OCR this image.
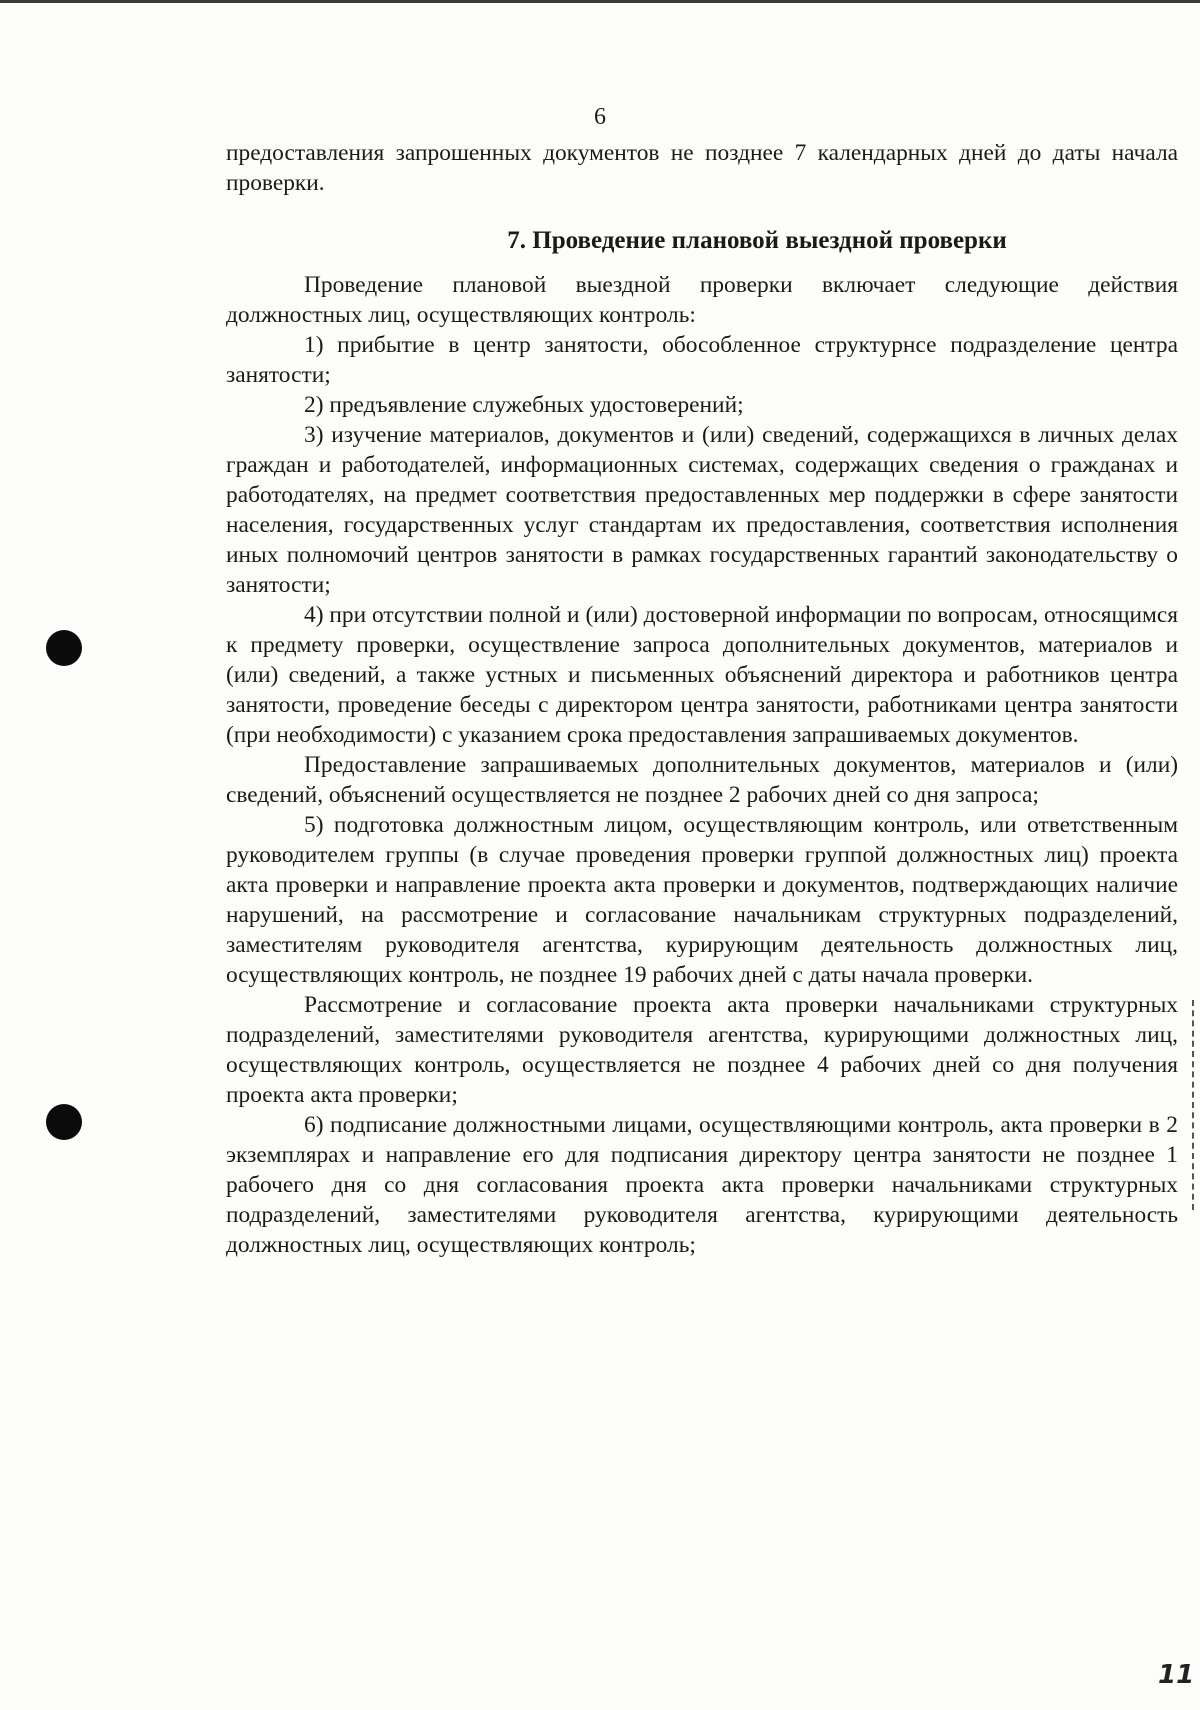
6

предоставления запрошенных документов не позднее 7 календарных дней до даты начала проверки.

7. Проведение плановой выездной проверки

Проведение плановой выездной проверки включает следующие действия должностных лиц, осуществляющих контроль:

1) прибытие в центр занятости, обособленное структурнсе подразделение центра занятости;

2) предъявление служебных удостоверений;

3) изучение материалов, документов и (или) сведений, содержащихся в личных делах граждан и работодателей, информационных системах, содержащих сведения о гражданах и работодателях, на предмет соответствия предоставленных мер поддержки в сфере занятости населения, государственных услуг стандартам их предоставления, соответствия исполнения иных полномочий центров занятости в рамках государственных гарантий законодательству о занятости;

4) при отсутствии полной и (или) достоверной информации по вопросам, относящимся к предмету проверки, осуществление запроса дополнительных документов, материалов и (или) сведений, а также устных и письменных объяснений директора и работников центра занятости, проведение беседы с директором центра занятости, работниками центра занятости (при необходимости) с указанием срока предоставления запрашиваемых документов.

Предоставление запрашиваемых дополнительных документов, материалов и (или) сведений, объяснений осуществляется не позднее 2 рабочих дней со дня запроса;

5) подготовка должностным лицом, осуществляющим контроль, или ответственным руководителем группы (в случае проведения проверки группой должностных лиц) проекта акта проверки и направление проекта акта проверки и документов, подтверждающих наличие нарушений, на рассмотрение и согласование начальникам структурных подразделений, заместителям руководителя агентства, курирующим деятельность должностных лиц, осуществляющих контроль, не позднее 19 рабочих дней с даты начала проверки.

Рассмотрение и согласование проекта акта проверки начальниками структурных подразделений, заместителями руководителя агентства, курирующими должностных лиц, осуществляющих контроль, осуществляется не позднее 4 рабочих дней со дня получения проекта акта проверки;

6) подписание должностными лицами, осуществляющими контроль, акта проверки в 2 экземплярах и направление его для подписания директору центра занятости не позднее 1 рабочего дня со дня согласования проекта акта проверки начальниками структурных подразделений, заместителями руководителя агентства, курирующими деятельность должностных лиц, осуществляющих контроль;

11
